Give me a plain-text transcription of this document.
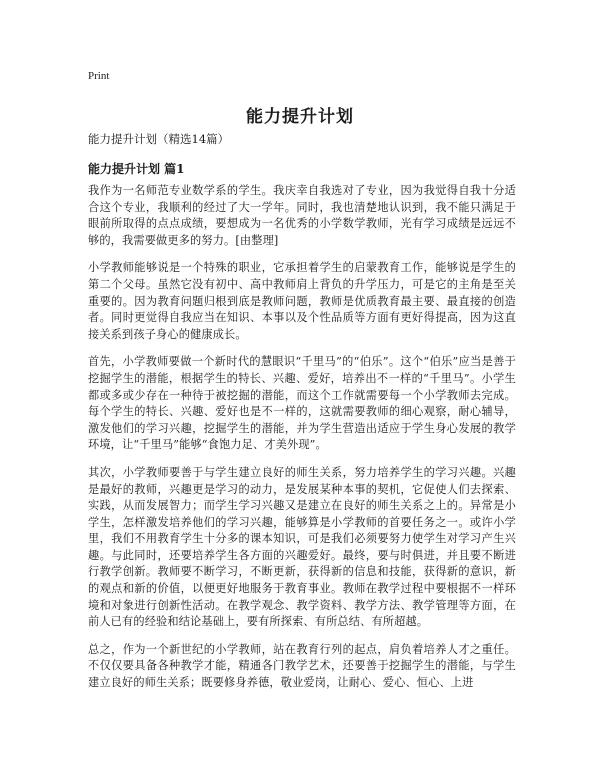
Print
能力提升计划

能力提升计划（精选14篇）

能力提升计划 篇1

我作为一名师范专业数学系的学生。我庆幸自我选对了专业，因为我觉得自我十分适合这个专业，我顺利的经过了大一学年。同时，我也清楚地认识到，我不能只满足于眼前所取得的点点成绩，要想成为一名优秀的小学数学教师，光有学习成绩是远远不够的，我需要做更多的努力。[由整理]

小学教师能够说是一个特殊的职业，它承担着学生的启蒙教育工作，能够说是学生的第二个父母。虽然它没有初中、高中教师肩上背负的升学压力，可是它的主角是至关重要的。因为教育问题归根到底是教师问题，教师是优质教育最主要、最直接的创造者。同时更觉得自我应当在知识、本事以及个性品质等方面有更好得提高，因为这直接关系到孩子身心的健康成长。

首先，小学教师要做一个新时代的慧眼识“千里马”的“伯乐”。这个“伯乐”应当是善于挖掘学生的潜能，根据学生的特长、兴趣、爱好，培养出不一样的“千里马”。小学生都或多或少存在一种待于被挖掘的潜能，而这个工作就需要每一个小学教师去完成。每个学生的特长、兴趣、爱好也是不一样的，这就需要教师的细心观察，耐心辅导，激发他们的学习兴趣，挖掘学生的潜能，并为学生营造出适应于学生身心发展的教学环境，让“千里马”能够“食饱力足、才美外现”。

其次，小学教师要善于与学生建立良好的师生关系，努力培养学生的学习兴趣。兴趣是最好的教师，兴趣更是学习的动力，是发展某种本事的契机，它促使人们去探索、实践，从而发展智力；而学生学习兴趣又是建立在良好的师生关系之上的。异常是小学生，怎样激发培养他们的学习兴趣，能够算是小学教师的首要任务之一。或许小学里，我们不用教育学生十分多的课本知识，可是我们必须要努力使学生对学习产生兴趣。与此同时，还要培养学生各方面的兴趣爱好。最终，要与时俱进，并且要不断进行教学创新。教师要不断学习，不断更新，获得新的信息和技能，获得新的意识，新的观点和新的价值，以便更好地服务于教育事业。教师在教学过程中要根据不一样环境和对象进行创新性活动。在教学观念、教学资料、教学方法、教学管理等方面，在前人已有的经验和结论基础上，要有所探索、有所总结、有所超越。

总之，作为一个新世纪的小学教师，站在教育行列的起点，肩负着培养人才之重任。不仅仅要具备各种教学才能，精通各门教学艺术，还要善于挖掘学生的潜能，与学生建立良好的师生关系；既要修身养德，敬业爱岗，让耐心、爱心、恒心、上进
